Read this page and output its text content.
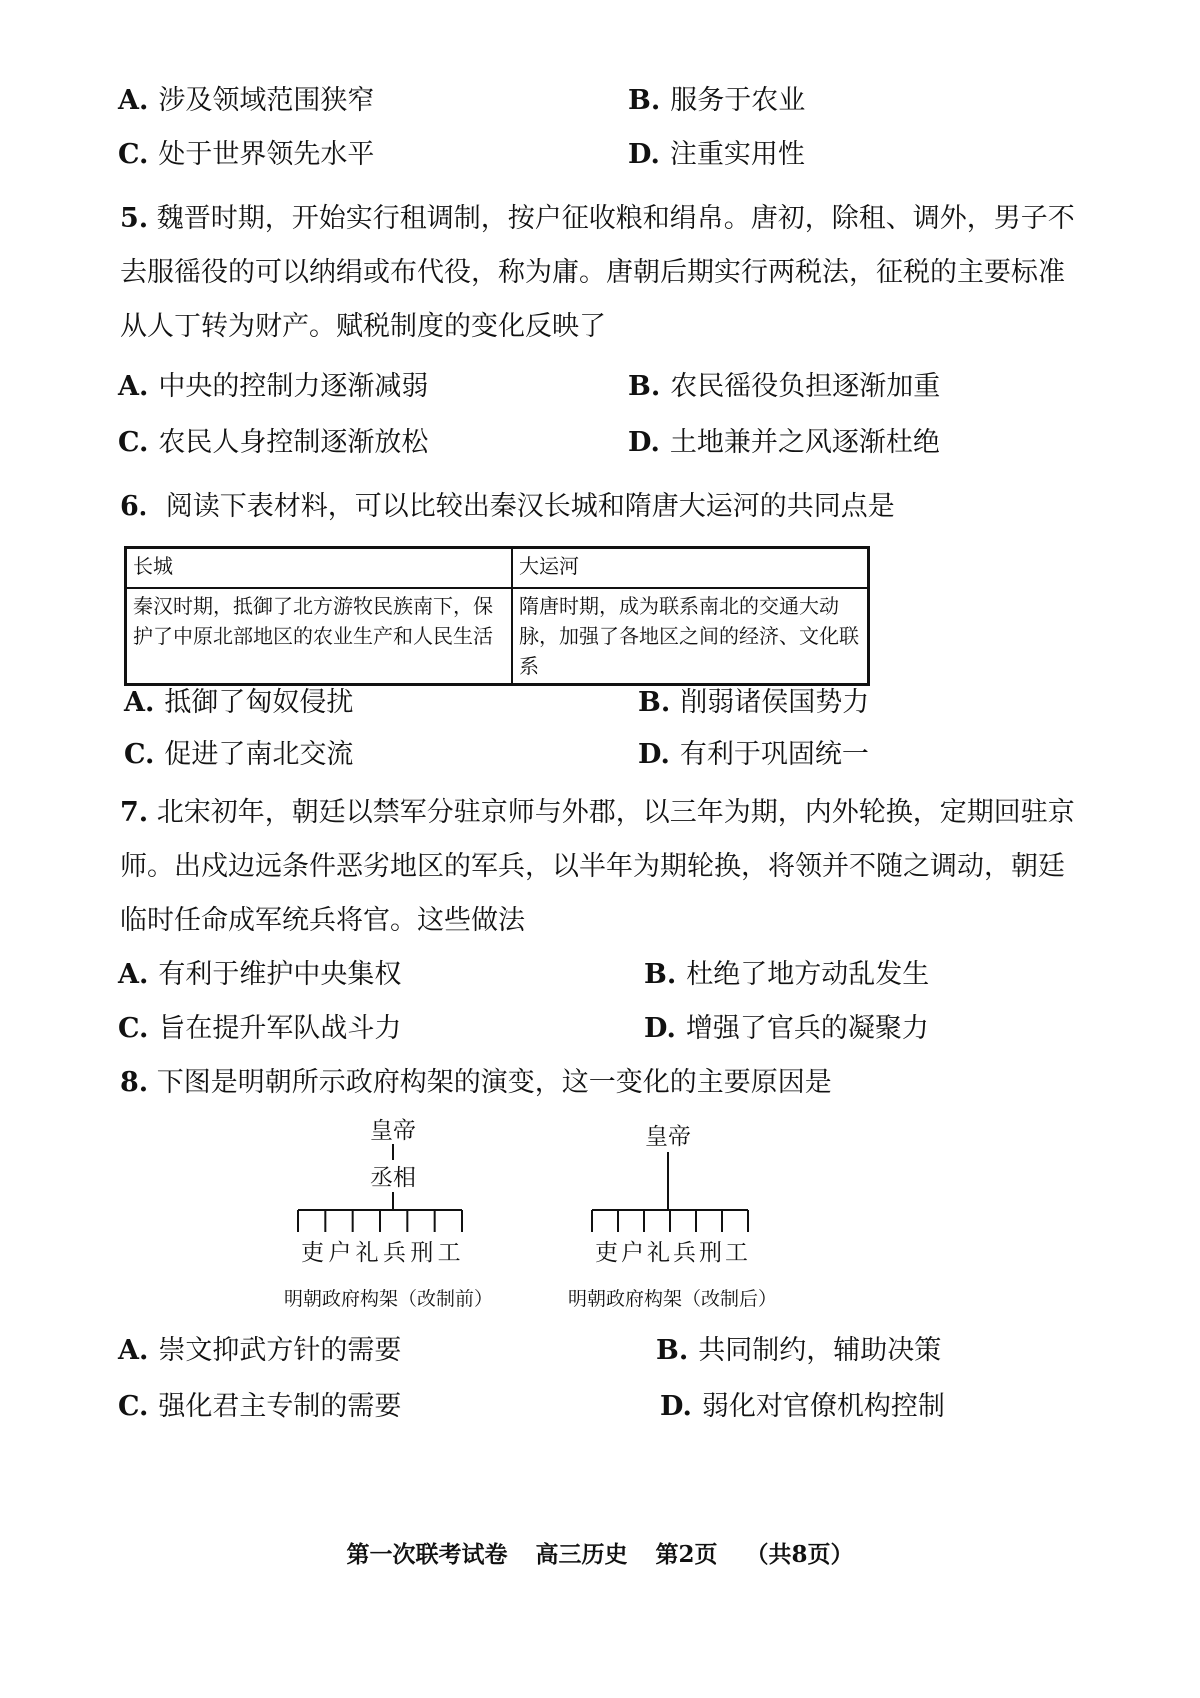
A. 涉及领域范围狭窄	B. 服务于农业
C. 处于世界领先水平	D. 注重实用性
5. 魏晋时期，开始实行租调制，按户征收粮和绢帛。唐初，除租、调外，男子不
去服徭役的可以纳绢或布代役，称为庸。唐朝后期实行两税法，征税的主要标准
从人丁转为财产。赋税制度的变化反映了
A. 中央的控制力逐渐减弱	B. 农民徭役负担逐渐加重
C. 农民人身控制逐渐放松	D. 土地兼并之风逐渐杜绝
6．阅读下表材料，可以比较出秦汉长城和隋唐大运河的共同点是
长城	大运河
秦汉时期，抵御了北方游牧民族南下，保护了中原北部地区的农业生产和人民生活	隋唐时期，成为联系南北的交通大动脉，加强了各地区之间的经济、文化联系
A. 抵御了匈奴侵扰	B. 削弱诸侯国势力
C. 促进了南北交流	D. 有利于巩固统一
7. 北宋初年，朝廷以禁军分驻京师与外郡，以三年为期，内外轮换，定期回驻京
师。出戍边远条件恶劣地区的军兵，以半年为期轮换，将领并不随之调动，朝廷
临时任命成军统兵将官。这些做法
A. 有利于维护中央集权	B. 杜绝了地方动乱发生
C. 旨在提升军队战斗力	D. 增强了官兵的凝聚力
8. 下图是明朝所示政府构架的演变，这一变化的主要原因是
皇帝
丞相
吏 户 礼 兵 刑 工
明朝政府构架（改制前）
皇帝
吏 户 礼 兵 刑 工
明朝政府构架（改制后）
A. 崇文抑武方针的需要	B. 共同制约，辅助决策
C. 强化君主专制的需要	D. 弱化对官僚机构控制
第一次联考试卷 高三历史 第2页 （共8页）
